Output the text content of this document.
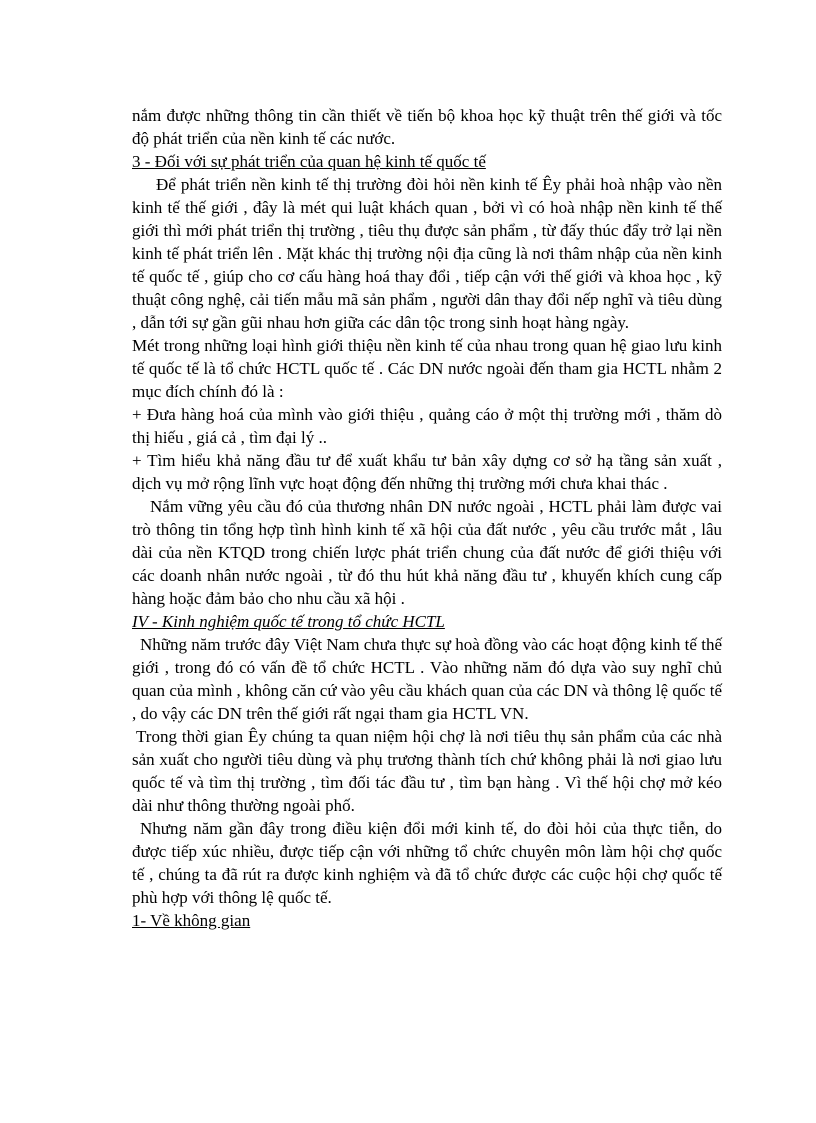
nắm được những thông tin cần thiết về tiến bộ khoa học kỹ thuật trên thế giới và tốc độ phát triển của nền kinh tế các nước.

3 - Đối với sự phát triển của quan hệ kinh tế quốc tế

Để phát triển nền kinh tế thị trường đòi hỏi nền kinh tế Êy phải hoà nhập vào nền kinh tế thế giới , đây là mét qui luật khách quan , bởi vì có hoà nhập nền kinh tế thế giới thì mới phát triển thị trường , tiêu thụ được sản phẩm , từ đấy thúc đẩy trở lại nền kinh tế phát triển lên . Mặt khác thị trường nội địa cũng là nơi thâm nhập của nền kinh tế quốc tế , giúp cho cơ cấu hàng hoá thay đổi , tiếp cận với thế giới và khoa học , kỹ thuật công nghệ, cải tiến mẫu mã sản phẩm , người dân thay đổi nếp nghĩ và tiêu dùng , dẫn tới sự gần gũi nhau hơn giữa các dân tộc trong sinh hoạt hàng ngày.

Mét trong những loại hình giới thiệu nền kinh tế của nhau trong quan hệ giao lưu kinh tế quốc tế là tổ chức HCTL quốc tế . Các DN nước ngoài đến tham gia HCTL nhằm 2 mục đích chính đó là :

+ Đưa hàng hoá của mình vào giới thiệu , quảng cáo ở một thị trường mới , thăm dò thị hiếu , giá cả , tìm đại lý ..

+ Tìm hiểu khả năng đầu tư để xuất khẩu tư bản xây dựng cơ sở hạ tầng sản xuất , dịch vụ mở rộng lĩnh vực hoạt động đến những thị trường mới chưa khai thác .

Nắm vững yêu cầu đó của thương nhân DN nước ngoài , HCTL phải làm được vai trò thông tin tổng hợp tình hình kinh tế xã hội của đất nước , yêu cầu trước mắt , lâu dài của nền KTQD trong chiến lược phát triển chung của đất nước để giới thiệu với các doanh nhân nước ngoài , từ đó thu hút khả năng đầu tư , khuyến khích cung cấp hàng hoặc đảm bảo cho nhu cầu xã hội .

IV - Kinh nghiệm quốc tế trong tổ chức HCTL

Những năm trước đây Việt Nam chưa thực sự hoà đồng vào các hoạt động kinh tế thế giới , trong đó có vấn đề tổ chức HCTL . Vào những năm đó dựa vào suy nghĩ chủ quan của mình , không căn cứ vào yêu cầu khách quan của các DN và thông lệ quốc tế , do vậy các DN trên thế giới rất ngại tham gia HCTL VN.

Trong thời gian Êy chúng ta quan niệm hội chợ là nơi tiêu thụ sản phẩm của các nhà sản xuất cho người tiêu dùng và phụ trương thành tích chứ không phải là nơi giao lưu quốc tế và tìm thị trường , tìm đối tác đầu tư , tìm bạn hàng . Vì thế hội chợ mở kéo dài như thông thường ngoài phố.

Nhưng năm gần đây trong điều kiện đổi mới kinh tế, do đòi hỏi của thực tiễn, do được tiếp xúc nhiều, được tiếp cận với những tổ chức chuyên môn làm hội chợ quốc tế , chúng ta đã rút ra được kinh nghiệm và đã tổ chức được các cuộc hội chợ quốc tế phù hợp với thông lệ quốc tế.

1- Về không gian
